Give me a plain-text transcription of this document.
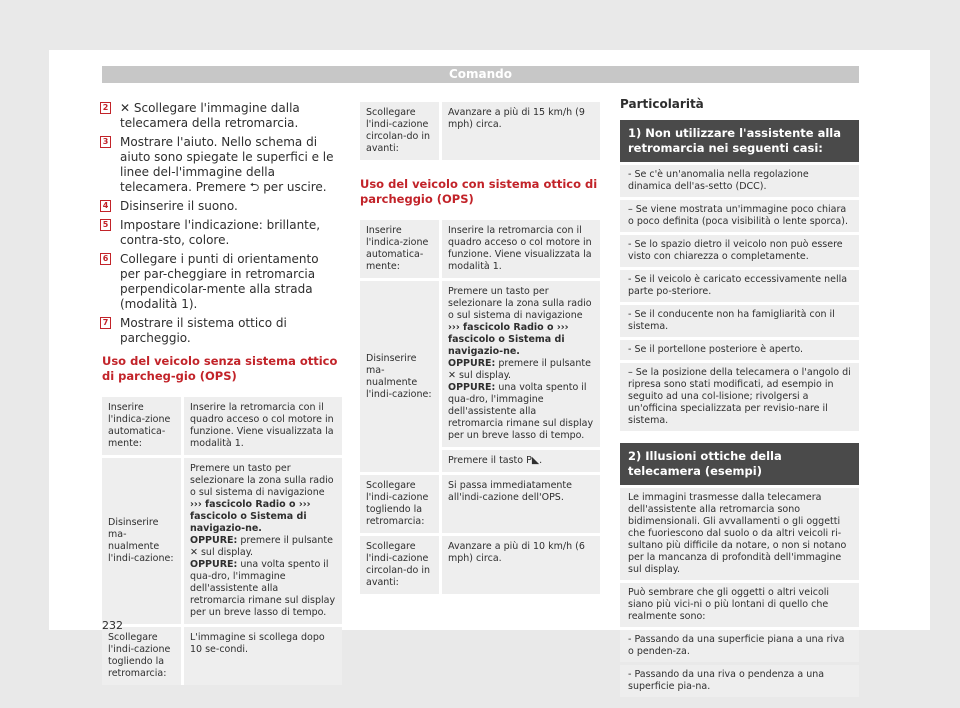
Comando
2 ✕ Scollegare l'immagine dalla telecamera della retromarcia.
3 Mostrare l'aiuto. Nello schema di aiuto sono spiegate le superfici e le linee del-l'immagine della telecamera. Premere ⮌ per uscire.
4 Disinserire il suono.
5 Impostare l'indicazione: brillante, contra-sto, colore.
6 Collegare i punti di orientamento per par-cheggiare in retromarcia perpendicolar-mente alla strada (modalità 1).
7 Mostrare il sistema ottico di parcheggio.
Uso del veicolo senza sistema ottico di parcheg-gio (OPS)
Inserire l'indica-zione automatica-mente:	Inserire la retromarcia con il quadro acceso o col motore in funzione. Viene visualizzata la modalità 1.
Disinserire ma-nualmente l'indi-cazione:	Premere un tasto per selezionare la zona sulla radio o sul sistema di navigazione ››› fascicolo Radio o ››› fascicolo o Sistema di navigazio-ne.
OPPURE: premere il pulsante ✕ sul display.
OPPURE: una volta spento il qua-dro, l'immagine dell'assistente alla retromarcia rimane sul display per un breve lasso di tempo.
Scollegare l'indi-cazione togliendo la retromarcia:	L'immagine si scollega dopo 10 se-condi.
Scollegare l'indi-cazione circolan-do in avanti:	Avanzare a più di 15 km/h (9 mph) circa.
Uso del veicolo con sistema ottico di parcheggio (OPS)
Inserire l'indica-zione automatica-mente:	Inserire la retromarcia con il quadro acceso o col motore in funzione. Viene visualizzata la modalità 1.
Disinserire ma-nualmente l'indi-cazione:	Premere un tasto per selezionare la zona sulla radio o sul sistema di navigazione ››› fascicolo Radio o ››› fascicolo o Sistema di navigazio-ne.
OPPURE: premere il pulsante ✕ sul display.
OPPURE: una volta spento il qua-dro, l'immagine dell'assistente alla retromarcia rimane sul display per un breve lasso di tempo.
	Premere il tasto P◣.
Scollegare l'indi-cazione togliendo la retromarcia:	Si passa immediatamente all'indi-cazione dell'OPS.
Scollegare l'indi-cazione circolan-do in avanti:	Avanzare a più di 10 km/h (6 mph) circa.
Particolarità
1) Non utilizzare l'assistente alla retromarcia nei seguenti casi:
- Se c'è un'anomalia nella regolazione dinamica dell'as-setto (DCC).
– Se viene mostrata un'immagine poco chiara o poco definita (poca visibilità o lente sporca).
- Se lo spazio dietro il veicolo non può essere visto con chiarezza o completamente.
- Se il veicolo è caricato eccessivamente nella parte po-steriore.
- Se il conducente non ha famigliarità con il sistema.
- Se il portellone posteriore è aperto.
– Se la posizione della telecamera o l'angolo di ripresa sono stati modificati, ad esempio in seguito ad una col-lisione; rivolgersi a un'officina specializzata per revisio-nare il sistema.
2) Illusioni ottiche della telecamera (esempi)
Le immagini trasmesse dalla telecamera dell'assistente alla retromarcia sono bidimensionali. Gli avvallamenti o gli oggetti che fuoriescono dal suolo o da altri veicoli ri-sultano più difficile da notare, o non si notano per la mancanza di profondità dell'immagine sul display.
Può sembrare che gli oggetti o altri veicoli siano più vici-ni o più lontani di quello che realmente sono:
- Passando da una superficie piana a una riva o penden-za.
- Passando da una riva o pendenza a una superficie pia-na.
232
